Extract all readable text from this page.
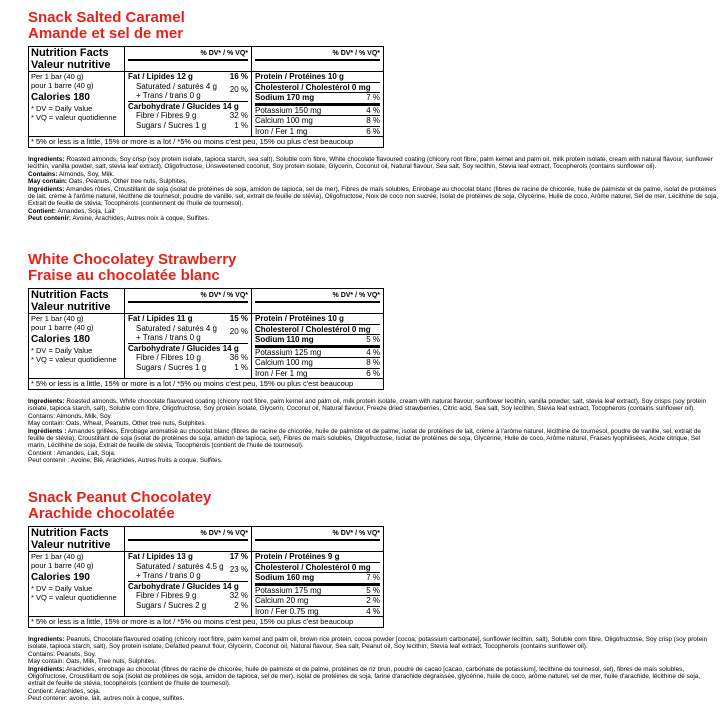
Snack Salted Caramel
Amande et sel de mer
Nutrition Facts
Valeur nutritive
% DV* / % VQ*	% DV* / % VQ*
Per 1 bar (40 g)
pour 1 barre (40 g)
Calories 180
* DV = Daily Value
* VQ = valeur quotidienne
Fat / Lipides 12 g	16 %
Saturated / saturés 4 g
+ Trans / trans 0 g
20 %
Carbohydrate / Glucides 14 g
Fibre / Fibres 9 g	32 %
Sugars / Sucres 1 g	1 %
Protein / Protéines 10 g
Cholesterol / Cholestérol 0 mg
Sodium 170 mg	7 %
Potassium 150 mg	4 %
Calcium 100 mg	8 %
Iron / Fer 1 mg	6 %
* 5% or less is a little, 15% or more is a lot / *5% ou moins c'est peu, 15% ou plus c'est beaucoup

Ingredients: Roasted almonds, Soy crisp (soy protein isolate, tapioca starch, sea salt), Soluble corn fibre, White chocolate flavoured coating (chicory root fibre, palm kernel and palm oil, milk protein isolate, cream with natural flavour, sunflower lecithin, vanilla powder, salt, stevia leaf extract), Oligofructose, Unsweetened coconut, Soy protein isolate, Glycerin, Coconut oil, Natural flavour, Sea salt, Soy lecithin, Stevia leaf extract, Tocopherols (contains sunflower oil).

Contains: Almonds, Soy, Milk.

May contain: Oats, Peanuts, Other tree nuts, Sulphites.

Ingrédients: Amandes rôties, Croustillant de soja (isolat de protéines de soja, amidon de tapioca, sel de mer), Fibres de maïs solubles, Enrobage au chocolat blanc (fibres de racine de chicorée, huile de palmiste et de palme, isolat de protéines de lait, crème à l'arôme naturel, lécithine de tournesol, poudre de vanille, sel, extrait de feuille de stévia), Oligofructose, Noix de coco non sucrée, Isolat de protéines de soja, Glycérine, Huile de coco, Arôme naturel, Sel de mer, Lécithine de soja, Extrait de feuille de stévia, Tocophérols (contiennent de l'huile de tournesol).

Contient: Amandes, Soja, Lait

Peut contenir: Avoine, Arachides, Autres noix à coque, Sulfites.

White Chocolatey Strawberry
Fraise au chocolatée blanc
Nutrition Facts
Valeur nutritive
% DV* / % VQ*	% DV* / % VQ*
Per 1 bar (40 g)
pour 1 barre (40 g)
Calories 180
* DV = Daily Value
* VQ = valeur quotidienne
Fat / Lipides 11 g	15 %
Saturated / saturés 4 g
+ Trans / trans 0 g
20 %
Carbohydrate / Glucides 14 g
Fibre / Fibres 10 g	36 %
Sugars / Sucres 1 g	1 %
Protein / Protéines 10 g
Cholesterol / Cholestérol 0 mg
Sodium 110 mg	5 %
Potassium 125 mg	4 %
Calcium 100 mg	8 %
Iron / Fer 1 mg	6 %
* 5% or less is a little, 15% or more is a lot / *5% ou moins c'est peu, 15% ou plus c'est beaucoup

Ingredients: Roasted almonds, White chocolate flavoured coating (chicory root fibre, palm kernel and palm oil, milk protein isolate, cream with natural flavour, sunflower lecithin, vanilla powder, salt, stevia leaf extract), Soy crisps (soy protein isolate, tapioca starch, salt), Soluble corn fibre, Oligofructose, Soy protein isolate, Glycerin, Coconut oil, Natural flavour, Freeze dried strawberries, Citric acid, Sea salt, Soy lecithin, Stevia leaf extract, Tocopherols (contains sunflower oil).

Contains: Almonds, Milk, Soy.

May contain: Oats, Wheat, Peanuts, Other tree nuts, Sulphites.

Ingrédients : Amandes grillées, Enrobage aromatisé au chocolat blanc (fibres de racine de chicorée, huile de palmiste et de palme, isolat de protéines de lait, crème à l'arôme naturel, lécithine de tournesol, poudre de vanille, sel, extrait de feuille de stévia), Croustillant de soja (isolat de protéines de soja, amidon de tapioca, sel), Fibres de maïs solubles, Oligofructose, Isolat de protéines de soja, Glycérine, Huile de coco, Arôme naturel, Fraises lyophilisées, Acide citrique, Sel marin, Lécithine de soja, Extrait de feuille de stévia, Tocophérols (contient de l'huile de tournesol).

Contient : Amandes, Lait, Soja.

Peut contenir : Avoine, Blé, Arachides, Autres fruits à coque, Sulfites.

Snack Peanut Chocolatey
Arachide chocolatée
Nutrition Facts
Valeur nutritive
% DV* / % VQ*	% DV* / % VQ*
Per 1 bar (40 g)
pour 1 barre (40 g)
Calories 190
* DV = Daily Value
* VQ = valeur quotidienne
Fat / Lipides 13 g	17 %
Saturated / saturés 4.5 g
+ Trans / trans 0 g
23 %
Carbohydrate / Glucides 14 g
Fibre / Fibres 9 g	32 %
Sugars / Sucres 2 g	2 %
Protein / Protéines 9 g
Cholesterol / Cholestérol 0 mg
Sodium 160 mg	7 %
Potassium 175 mg	5 %
Calcium 20 mg	2 %
Iron / Fer 0.75 mg	4 %
* 5% or less is a little, 15% or more is a lot / *5% ou moins c'est peu, 15% ou plus c'est beaucoup

Ingredients: Peanuts, Chocolate flavoured coating (chicory root fibre, palm kernel and palm oil, brown rice protein, cocoa powder [cocoa, potassium carbonate], sunflower lecithin, salt), Soluble corn fibre, Oligofructose, Soy crisp (soy protein isolate, tapioca starch, salt), Soy protein isolate, Defatted peanut flour, Glycerin, Coconut oil, Natural flavour, Sea salt, Peanut oil, Soy lecithin, Stevia leaf extract, Tocopherols (contains sunflower oil).

Contains: Peanuts, Soy.

May contain: Oats, Milk, Tree nuts, Sulphites.

Ingrédients: Arachides, enrobage au chocolat (fibres de racine de chicorée, huile de palmiste et de palme, protéines de riz brun, poudre de cacao [cacao, carbonate de potassium], lécithine de tournesol, sel), fibres de maïs solubles, Oligofructose, Croustillant de soja (isolat de protéines de soja, amidon de tapioca, sel de mer), isolat de protéines de soja, farine d'arachide dégraissée, glycérine, huile de coco, arôme naturel, sel de mer, huile d'arachide, lécithine de soja, extrait de feuille de stévia, tocophérols (contient de l'huile de tournesol).

Contient: Arachides, soja.

Peut contenir: avoine, lait, autres noix à coque, sulfites.
